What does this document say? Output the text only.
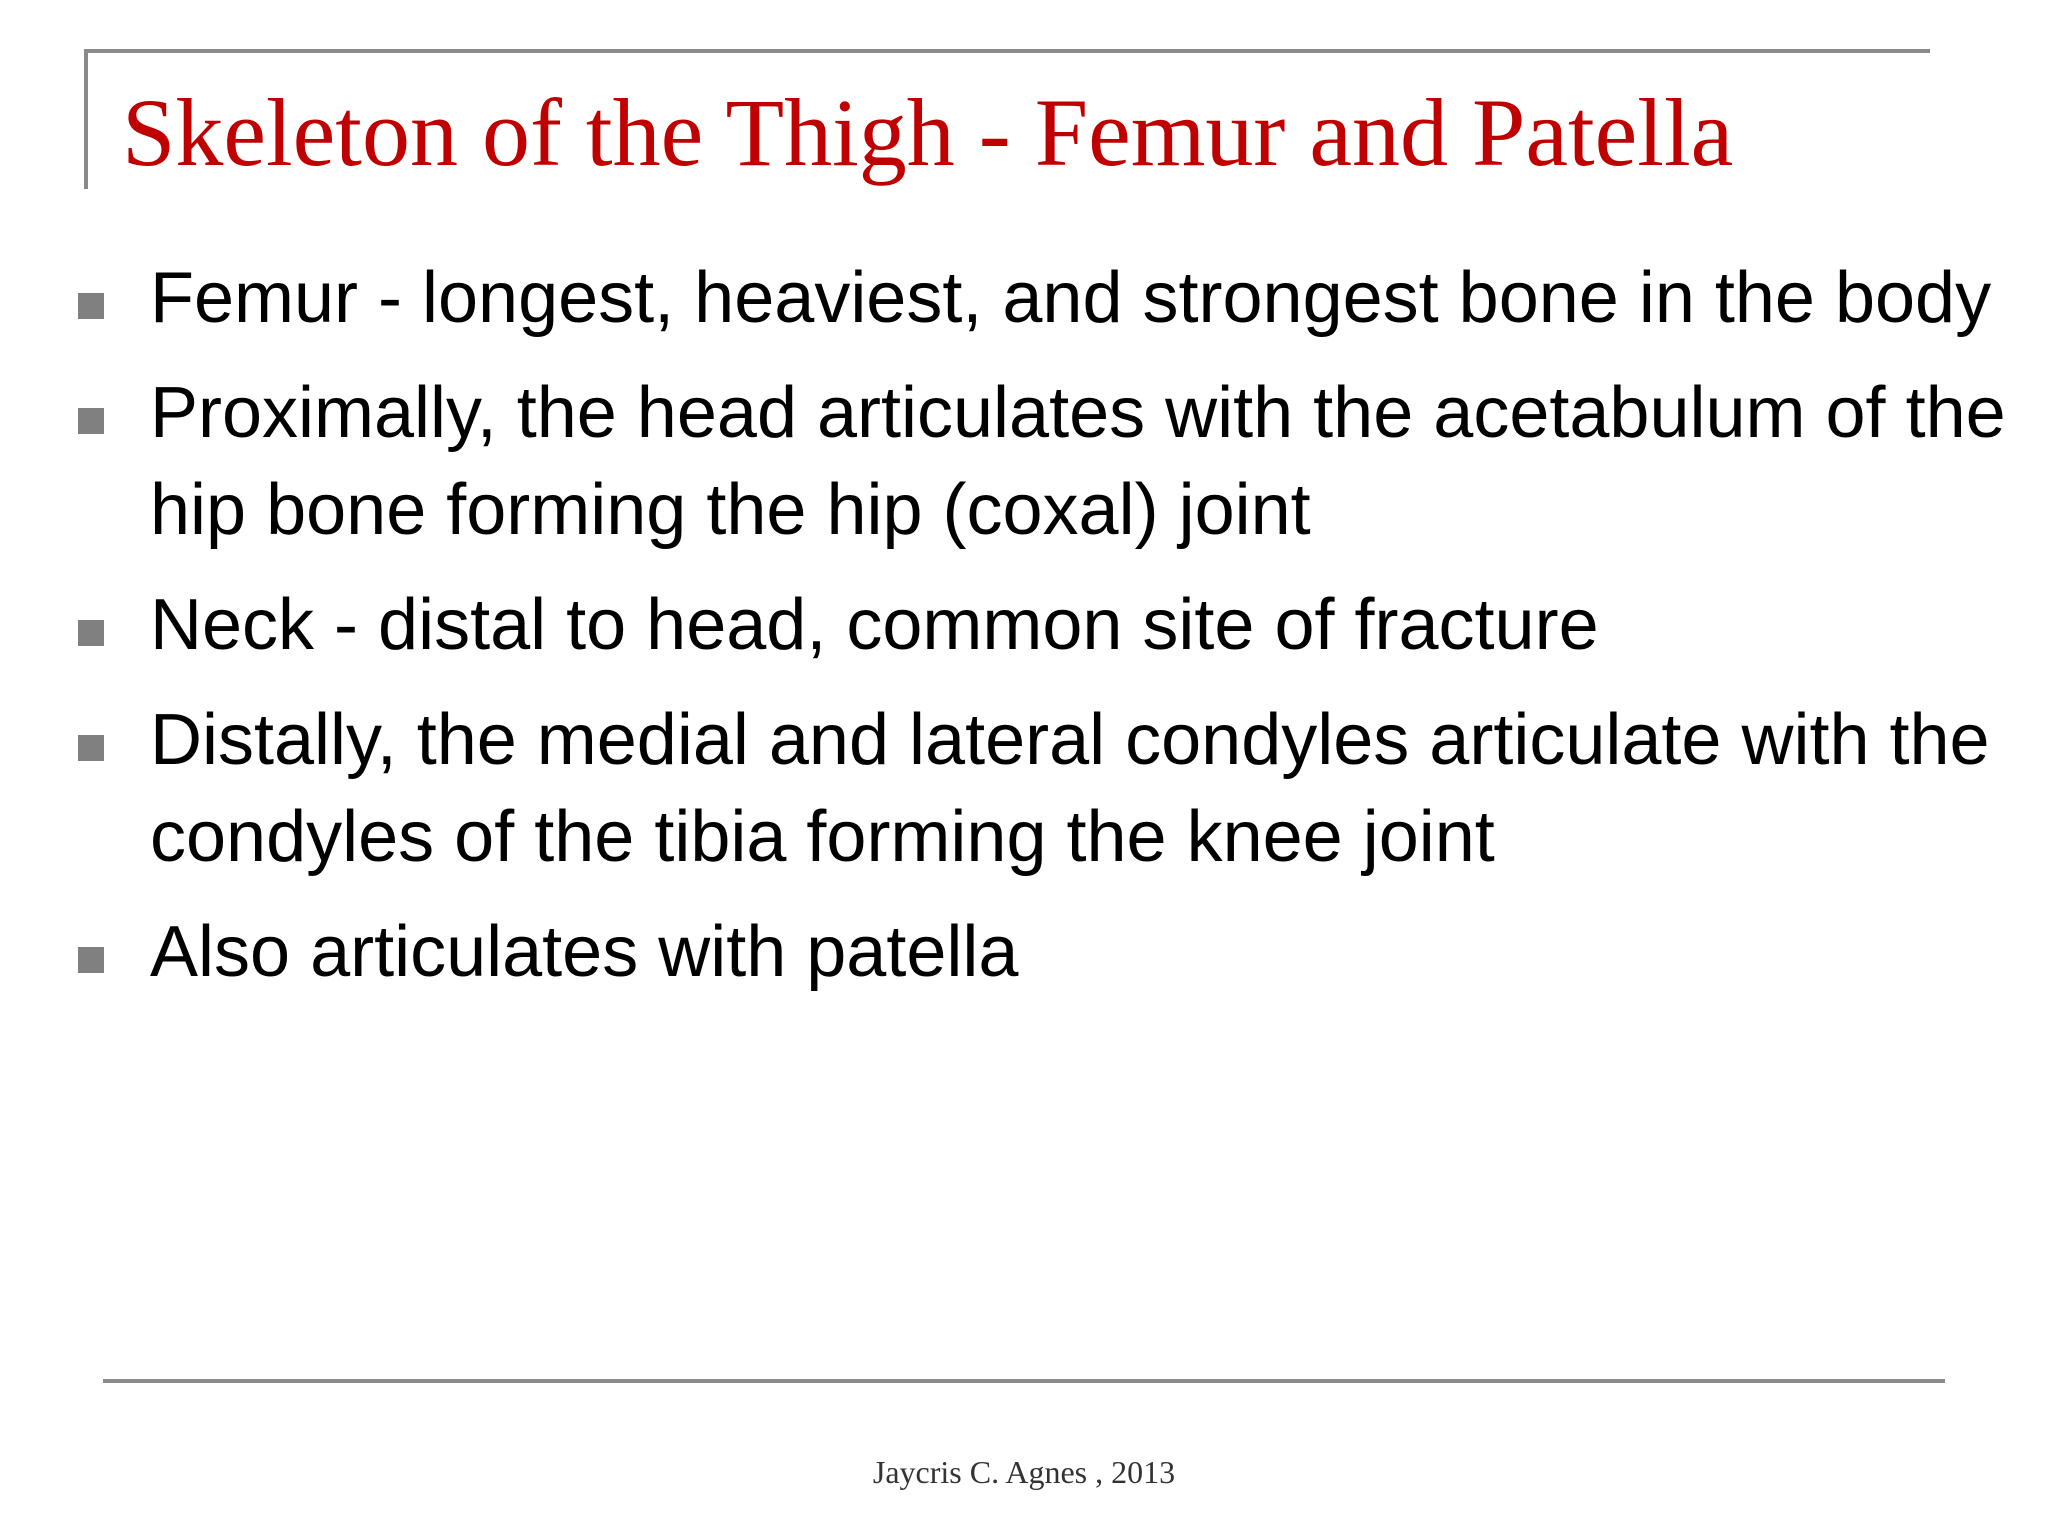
Skeleton of the Thigh - Femur and Patella
Femur - longest, heaviest, and strongest bone in the body
Proximally, the head articulates with the acetabulum of the hip bone forming the hip (coxal) joint
Neck - distal to head, common site of fracture
Distally, the medial and lateral condyles articulate with the condyles of the tibia forming the knee joint
Also articulates with patella
Jaycris C. Agnes , 2013
